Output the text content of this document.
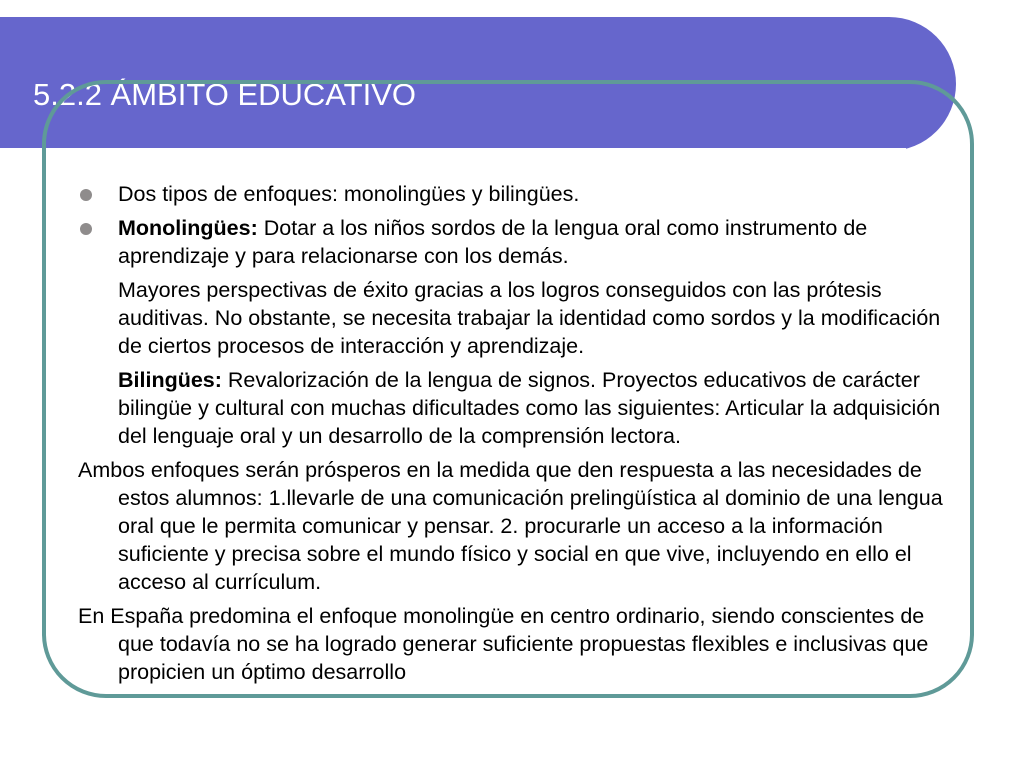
5.2.2 ÁMBITO EDUCATIVO
Dos tipos de enfoques: monolingües y bilingües.
Monolingües: Dotar a los niños sordos de la lengua oral como instrumento de aprendizaje y para relacionarse con los demás.

Mayores perspectivas de éxito gracias a los logros conseguidos con las prótesis auditivas. No obstante, se necesita trabajar la identidad como sordos y la modificación de ciertos procesos de interacción y aprendizaje.

Bilingües: Revalorización de la lengua de signos. Proyectos educativos de carácter bilingüe y cultural con muchas dificultades como las siguientes: Articular la adquisición del lenguaje oral y un desarrollo de la comprensión lectora.

Ambos enfoques serán prósperos en la medida que den respuesta a las necesidades de estos alumnos: 1.llevarle de una comunicación prelingüística al dominio de una lengua oral que le permita comunicar y pensar. 2. procurarle un acceso a la información suficiente y precisa sobre el mundo físico y social en que vive, incluyendo en ello el acceso al currículum.

En España predomina el enfoque monolingüe en centro ordinario, siendo conscientes de que todavía no se ha logrado generar suficiente propuestas flexibles e inclusivas que propicien un óptimo desarrollo
